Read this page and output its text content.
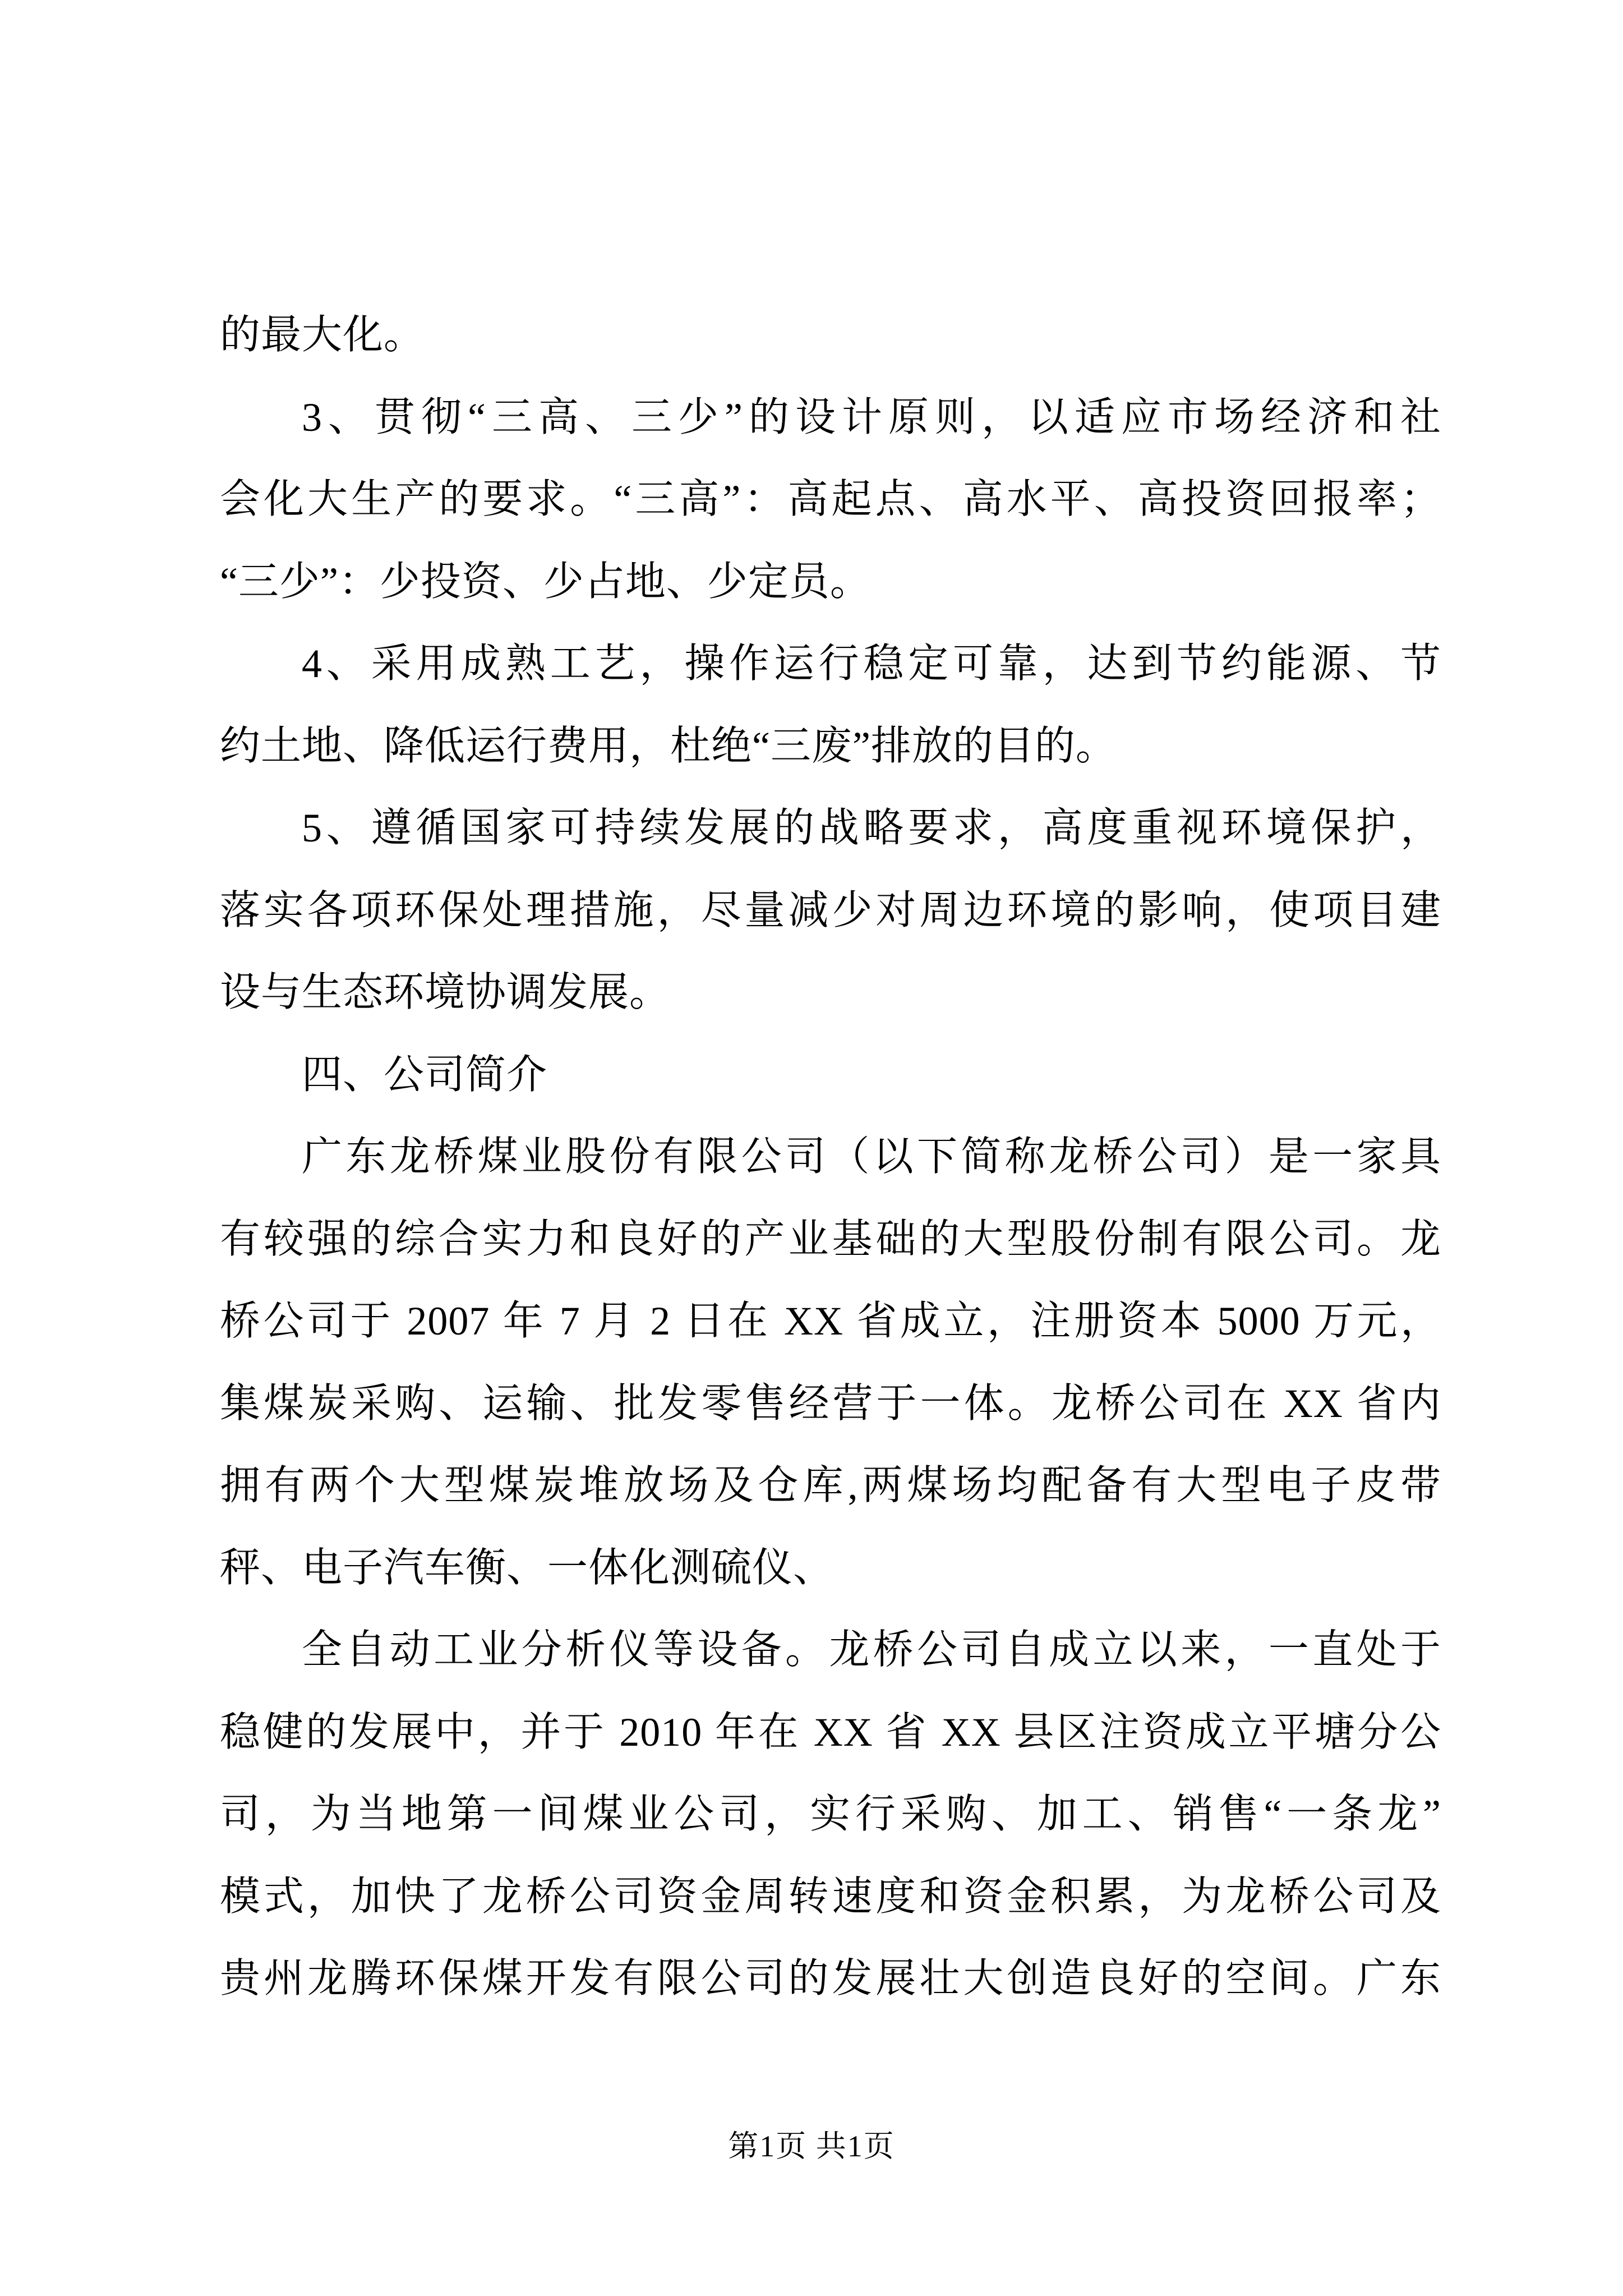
的最大化。
3、贯彻“三高、三少”的设计原则，以适应市场经济和社
会化大生产的要求。“三高”：高起点、高水平、高投资回报率；
“三少”：少投资、少占地、少定员。
4、采用成熟工艺，操作运行稳定可靠，达到节约能源、节
约土地、降低运行费用，杜绝“三废”排放的目的。
5、遵循国家可持续发展的战略要求，高度重视环境保护，
落实各项环保处理措施，尽量减少对周边环境的影响，使项目建
设与生态环境协调发展。
四、公司简介
广东龙桥煤业股份有限公司（以下简称龙桥公司）是一家具
有较强的综合实力和良好的产业基础的大型股份制有限公司。龙
桥公司于 2007 年 7 月 2 日在 XX 省成立，注册资本 5000 万元，
集煤炭采购、运输、批发零售经营于一体。龙桥公司在 XX 省内
拥有两个大型煤炭堆放场及仓库,两煤场均配备有大型电子皮带
秤、电子汽车衡、一体化测硫仪、
全自动工业分析仪等设备。龙桥公司自成立以来，一直处于
稳健的发展中，并于 2010 年在 XX 省 XX 县区注资成立平塘分公
司，为当地第一间煤业公司，实行采购、加工、销售“一条龙”
模式，加快了龙桥公司资金周转速度和资金积累，为龙桥公司及
贵州龙腾环保煤开发有限公司的发展壮大创造良好的空间。广东
第1页 共1页
